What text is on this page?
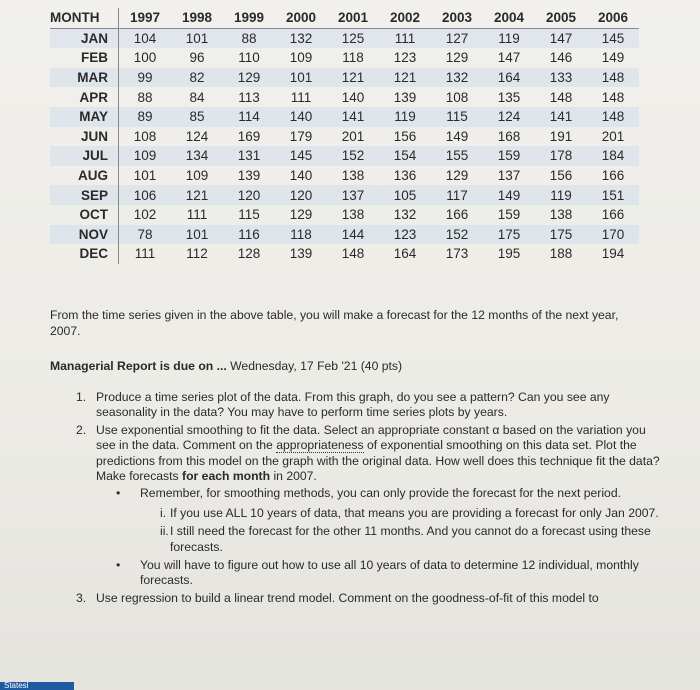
MONTH	1997	1998	1999	2000	2001	2002	2003	2004	2005	2006
JAN	104	101	88	132	125	111	127	119	147	145
FEB	100	96	110	109	118	123	129	147	146	149
MAR	99	82	129	101	121	121	132	164	133	148
APR	88	84	113	111	140	139	108	135	148	148
MAY	89	85	114	140	141	119	115	124	141	148
JUN	108	124	169	179	201	156	149	168	191	201
JUL	109	134	131	145	152	154	155	159	178	184
AUG	101	109	139	140	138	136	129	137	156	166
SEP	106	121	120	120	137	105	117	149	119	151
OCT	102	111	115	129	138	132	166	159	138	166
NOV	78	101	116	118	144	123	152	175	175	170
DEC	111	112	128	139	148	164	173	195	188	194
From the time series given in the above table, you will make a forecast for the 12 months of the next year, 2007.
Managerial Report is due on ... Wednesday, 17 Feb '21 (40 pts)
1. Produce a time series plot of the data. From this graph, do you see a pattern? Can you see any seasonality in the data? You may have to perform time series plots by years.
2. Use exponential smoothing to fit the data. Select an appropriate constant α based on the variation you see in the data. Comment on the appropriateness of exponential smoothing on this data set. Plot the predictions from this model on the graph with the original data. How well does this technique fit the data? Make forecasts for each month in 2007.
• Remember, for smoothing methods, you can only provide the forecast for the next period.
i. If you use ALL 10 years of data, that means you are providing a forecast for only Jan 2007.
ii. I still need the forecast for the other 11 months. And you cannot do a forecast using these forecasts.
• You will have to figure out how to use all 10 years of data to determine 12 individual, monthly forecasts.
3. Use regression to build a linear trend model. Comment on the goodness-of-fit of this model to
Statesl
